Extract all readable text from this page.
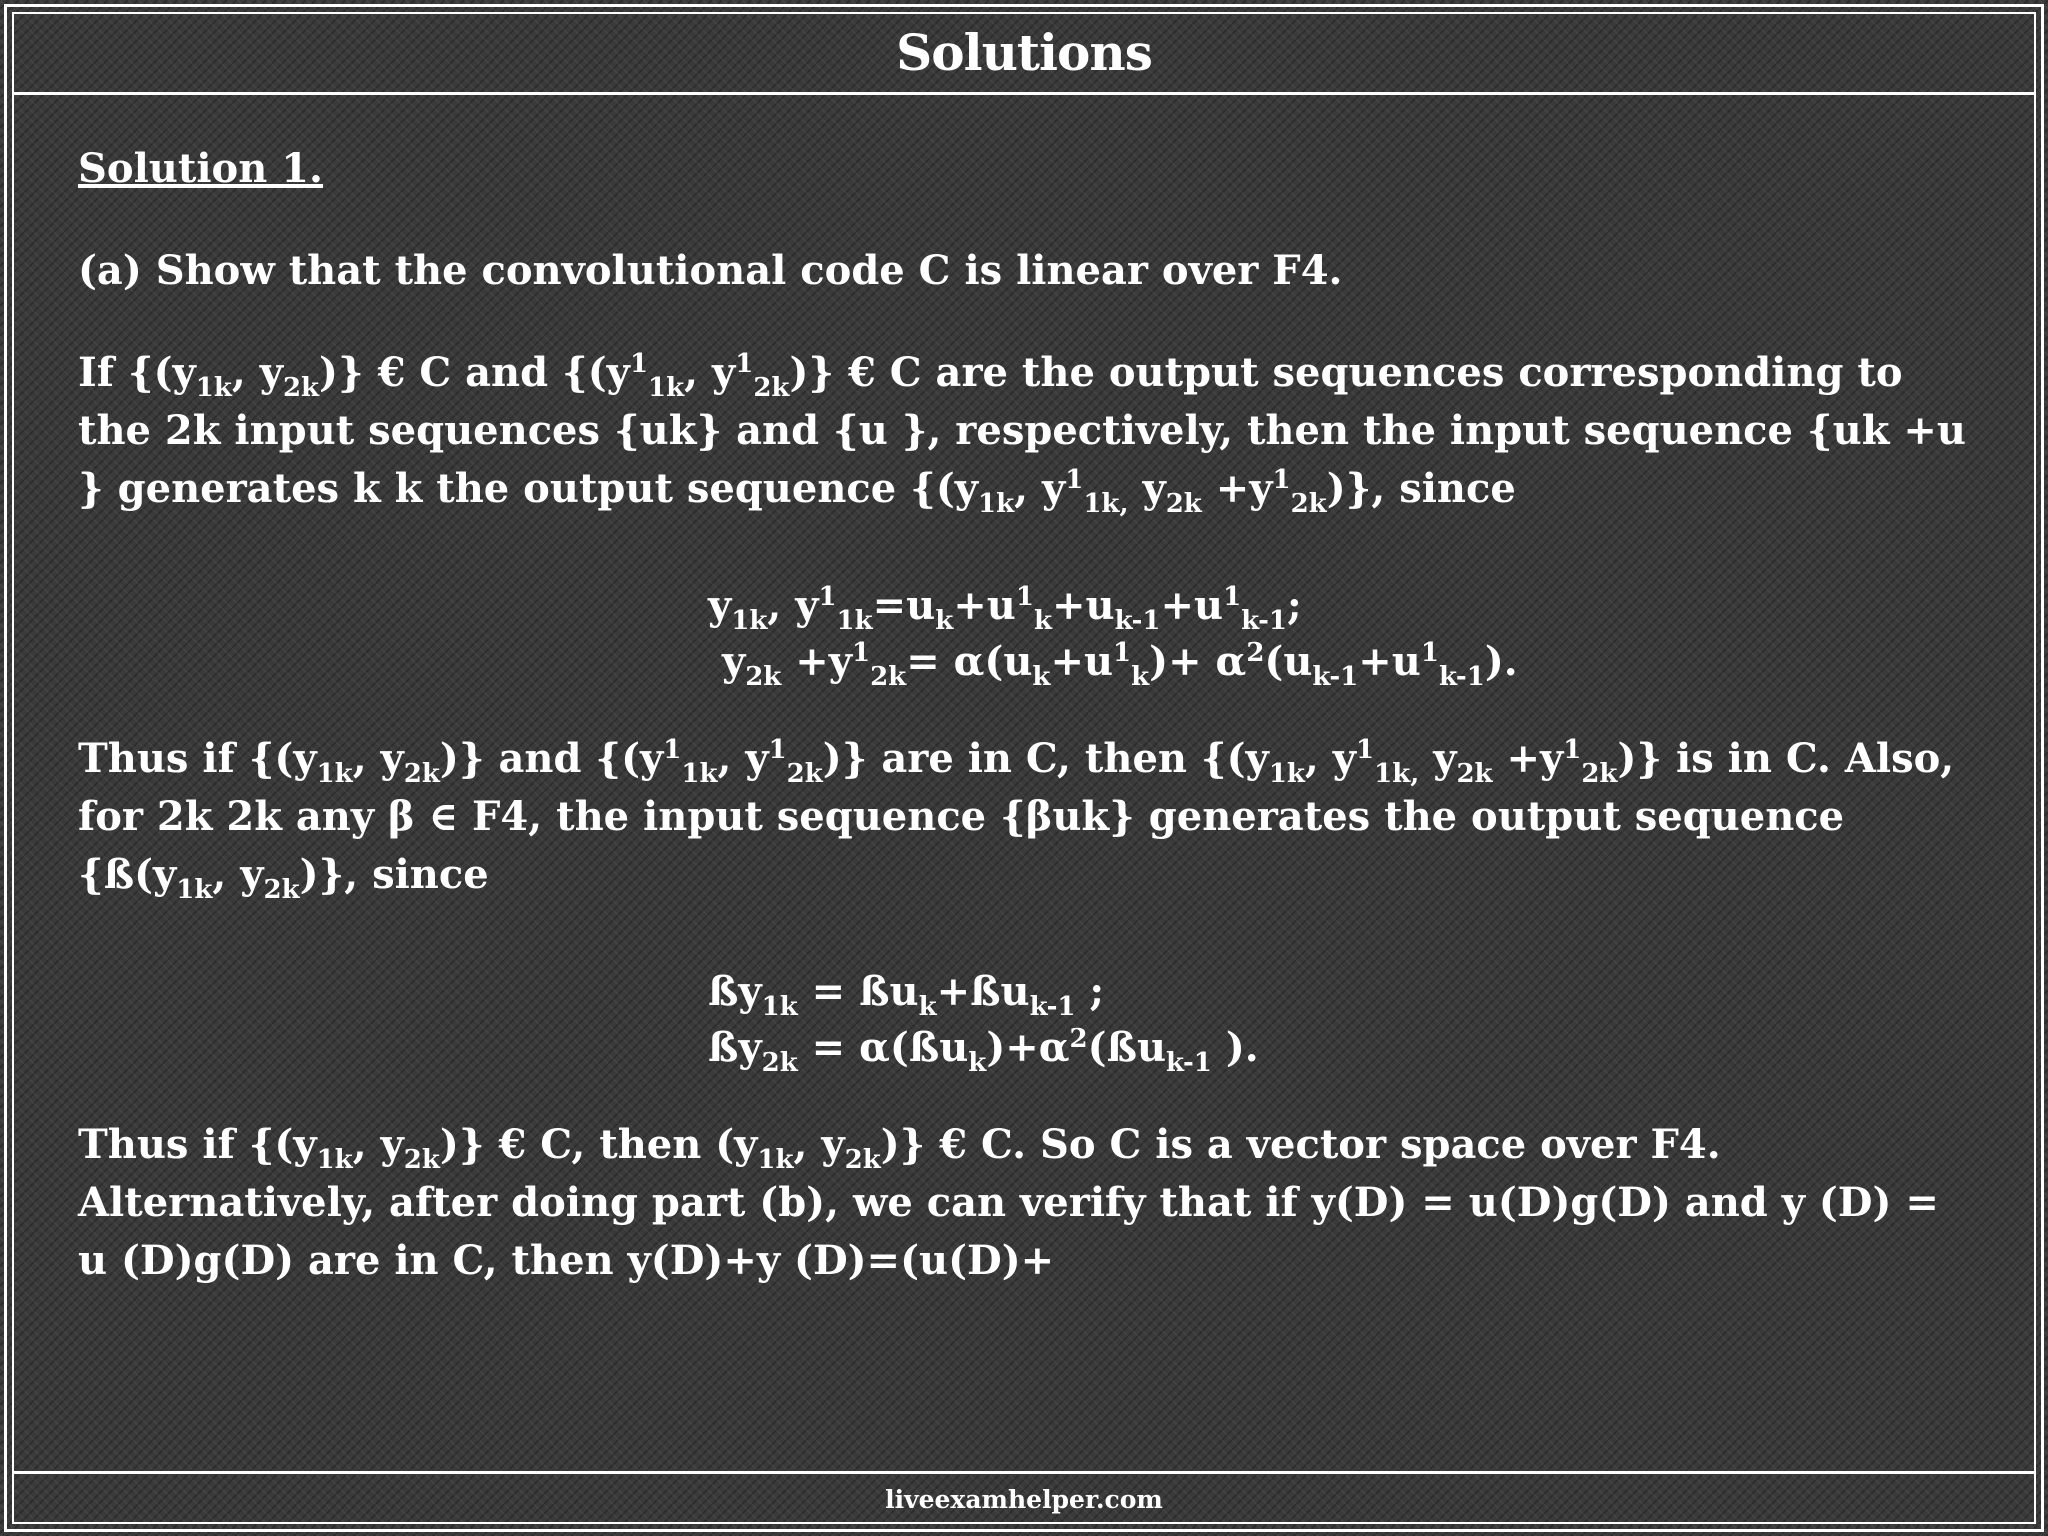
Solutions

Solution 1.

(a) Show that the convolutional code C is linear over F4.

If {($y_{1k}$, $y_{2k}$)} € C and {($y^1_{1k}$, $y^1_{2k}$)} € C are the output sequences corresponding to the 2k input sequences {uk} and {u }, respectively, then the input sequence {uk +u } generates k k the output sequence {($y_{1k}$, $y^1_{1k,}$ $y_{2k} +y^1_{2k}$)}, since

$y_{1k}$, $y^1_{1k}=u_k+u^1_k+u_{k-1}+u^1_{k-1}$;
$y_{2k} +y^1_{2k}= \alpha(u_k+u^1_k)+ \alpha^2(u_{k-1}+u^1_{k-1})$.

Thus if {($y_{1k}$, $y_{2k}$)} and {($y^1_{1k}$, $y^1_{2k}$)} are in C, then {($y_{1k}$, $y^1_{1k,}$ $y_{2k} +y^1_{2k}$)} is in C. Also, for 2k 2k any β ∈ F4, the input sequence {βuk} generates the output sequence {$ß(y_{1k}$, $y_{2k}$)}, since

$ßy_{1k}$ = $ßu_k+ßu_{k-1}$ ;
$ßy_{2k}$ = $\alpha(ßu_k)+\alpha^2(ßu_{k-1}$ ).

Thus if {($y_{1k}$, $y_{2k}$)} € C, then ($y_{1k}$, $y_{2k}$)} € C. So C is a vector space over F4. Alternatively, after doing part (b), we can verify that if y(D) = u(D)g(D) and y (D) = u (D)g(D) are in C, then y(D)+y (D)=(u(D)+

liveexamhelper.com
